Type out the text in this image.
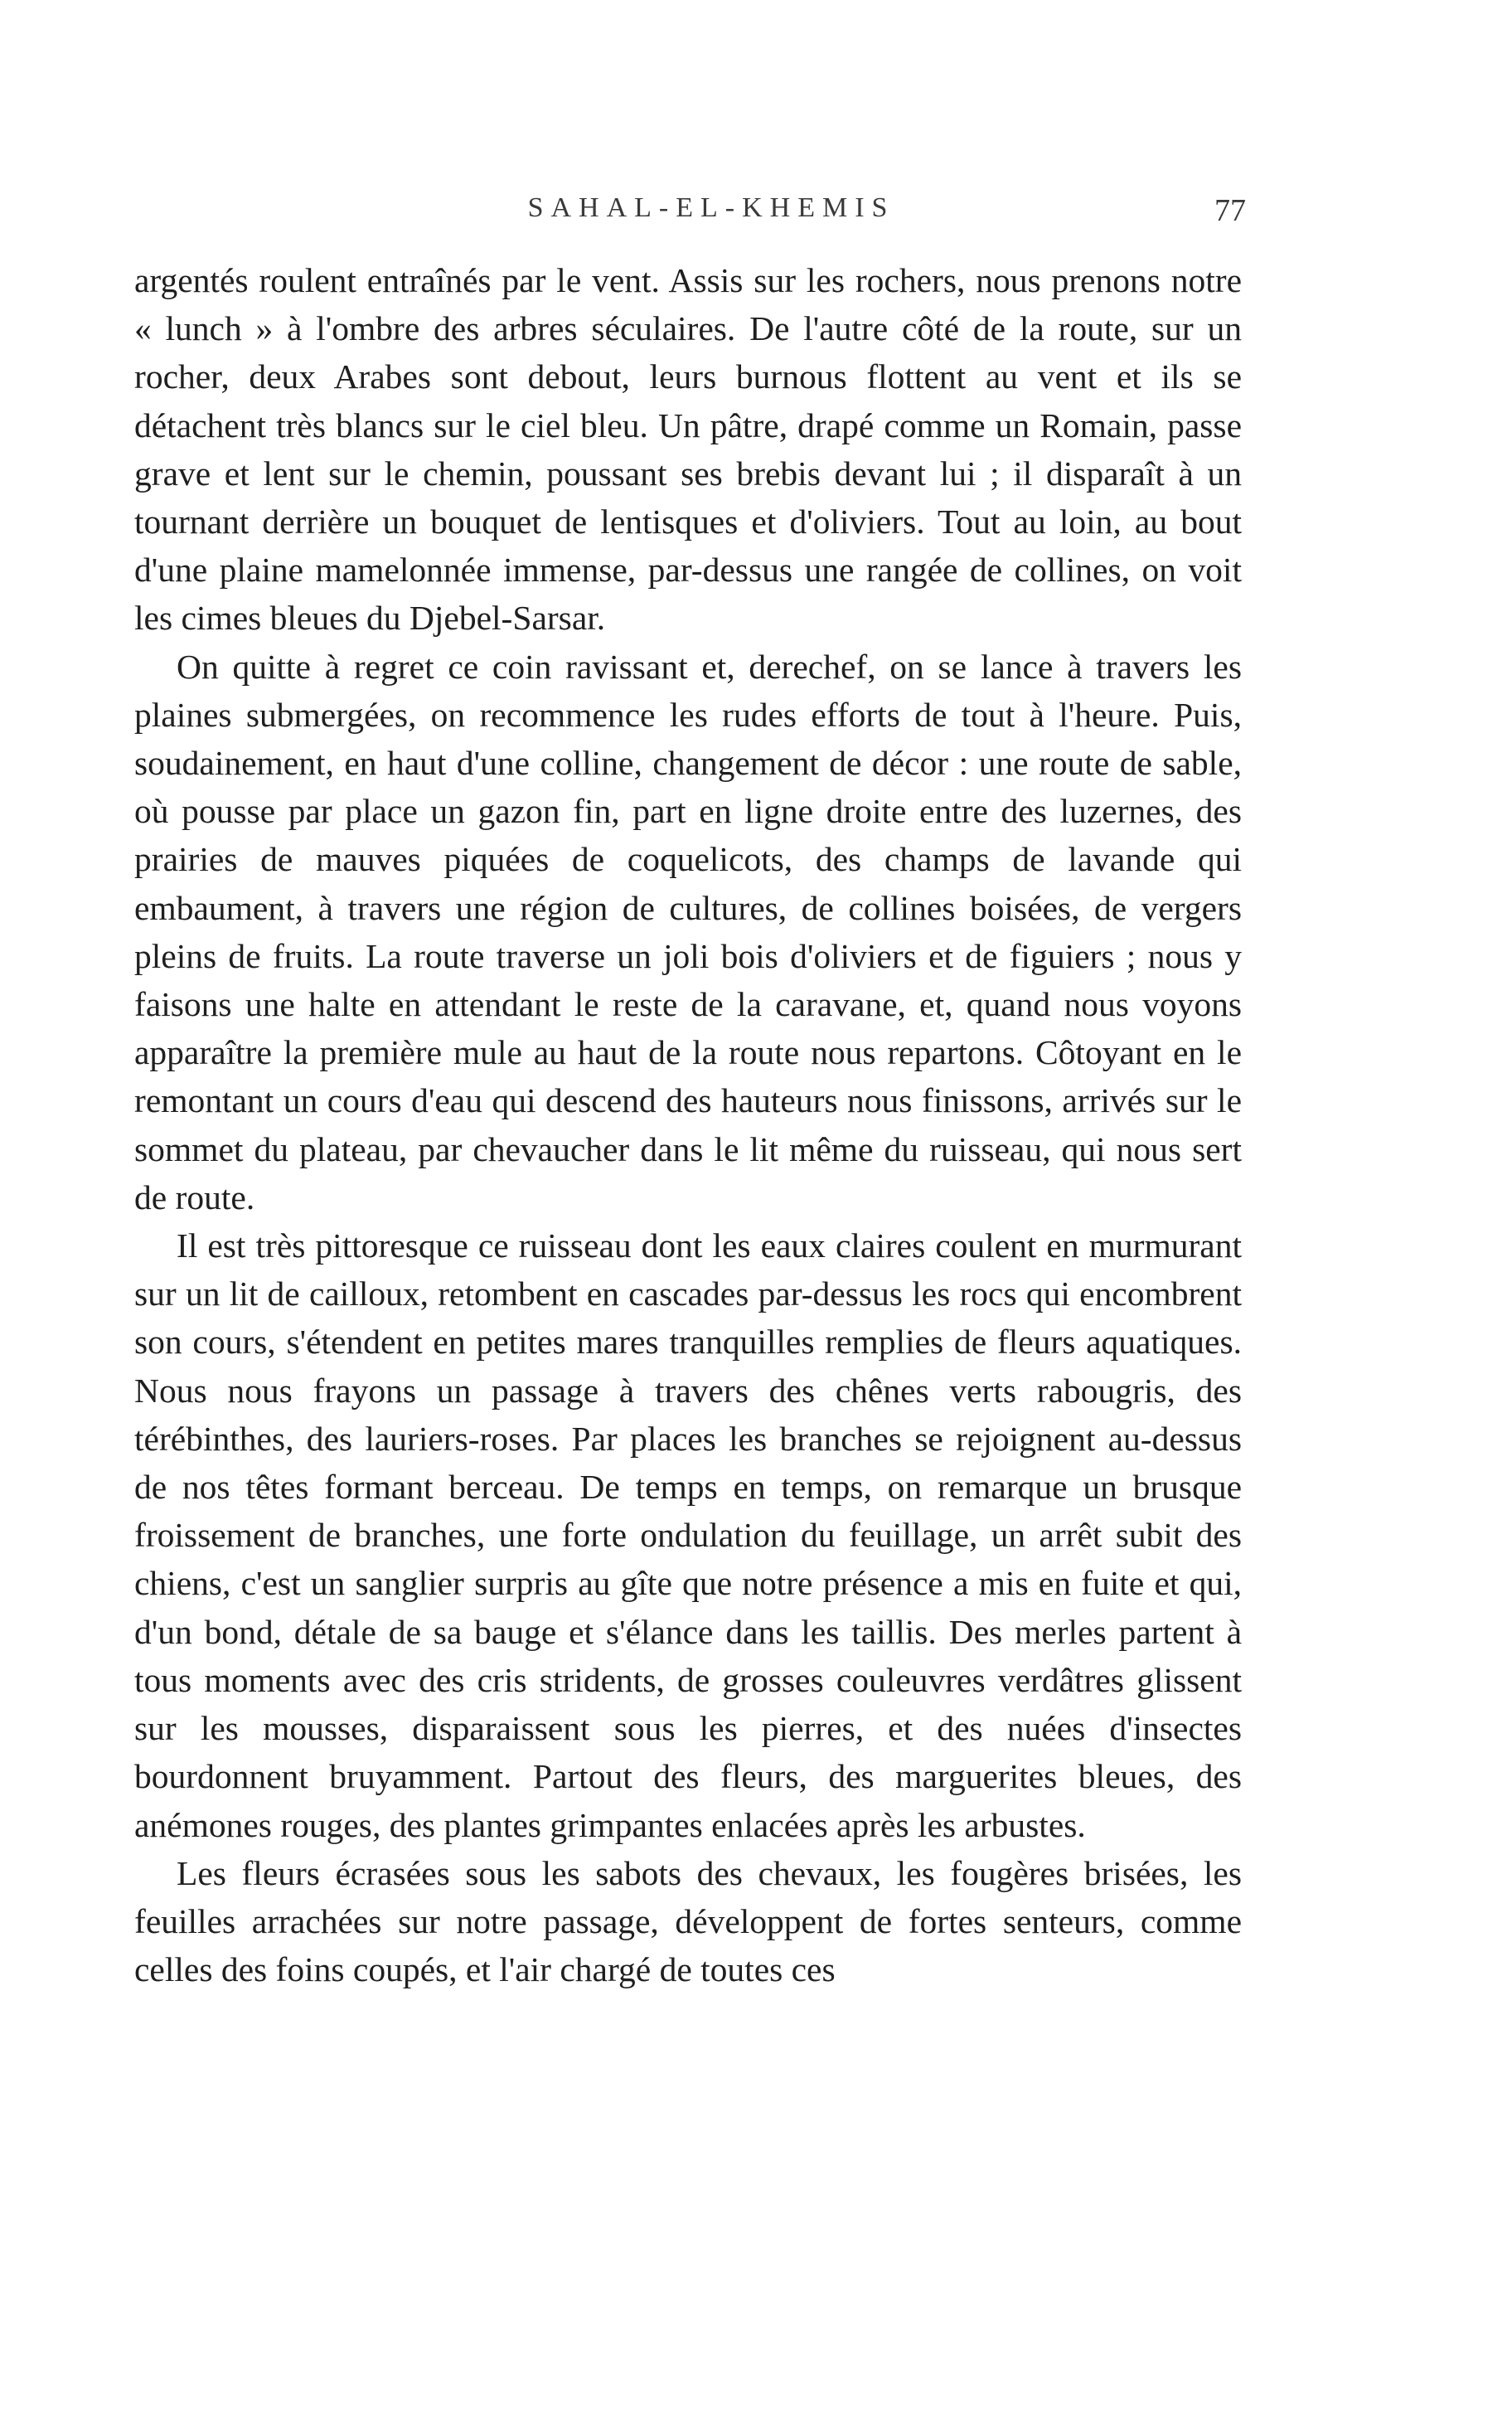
SAHAL-EL-KHEMIS	77

argentés roulent entraînés par le vent. Assis sur les rochers, nous prenons notre « lunch » à l'ombre des arbres séculaires. De l'autre côté de la route, sur un rocher, deux Arabes sont debout, leurs burnous flottent au vent et ils se détachent très blancs sur le ciel bleu. Un pâtre, drapé comme un Romain, passe grave et lent sur le chemin, poussant ses brebis devant lui ; il disparaît à un tournant derrière un bouquet de lentisques et d'oliviers. Tout au loin, au bout d'une plaine mamelonnée immense, par-dessus une rangée de collines, on voit les cimes bleues du Djebel-Sarsar.

On quitte à regret ce coin ravissant et, derechef, on se lance à travers les plaines submergées, on recommence les rudes efforts de tout à l'heure. Puis, soudainement, en haut d'une colline, changement de décor : une route de sable, où pousse par place un gazon fin, part en ligne droite entre des luzernes, des prairies de mauves piquées de coquelicots, des champs de lavande qui embaument, à travers une région de cultures, de collines boisées, de vergers pleins de fruits. La route traverse un joli bois d'oliviers et de figuiers ; nous y faisons une halte en attendant le reste de la caravane, et, quand nous voyons apparaître la première mule au haut de la route nous repartons. Côtoyant en le remontant un cours d'eau qui descend des hauteurs nous finissons, arrivés sur le sommet du plateau, par chevaucher dans le lit même du ruisseau, qui nous sert de route.

Il est très pittoresque ce ruisseau dont les eaux claires coulent en murmurant sur un lit de cailloux, retombent en cascades par-dessus les rocs qui encombrent son cours, s'étendent en petites mares tranquilles remplies de fleurs aquatiques. Nous nous frayons un passage à travers des chênes verts rabougris, des térébinthes, des lauriers-roses. Par places les branches se rejoignent au-dessus de nos têtes formant berceau. De temps en temps, on remarque un brusque froissement de branches, une forte ondulation du feuillage, un arrêt subit des chiens, c'est un sanglier surpris au gîte que notre présence a mis en fuite et qui, d'un bond, détale de sa bauge et s'élance dans les taillis. Des merles partent à tous moments avec des cris stridents, de grosses couleuvres verdâtres glissent sur les mousses, disparaissent sous les pierres, et des nuées d'insectes bourdonnent bruyamment. Partout des fleurs, des marguerites bleues, des anémones rouges, des plantes grimpantes enlacées après les arbustes.

Les fleurs écrasées sous les sabots des chevaux, les fougères brisées, les feuilles arrachées sur notre passage, développent de fortes senteurs, comme celles des foins coupés, et l'air chargé de toutes ces
